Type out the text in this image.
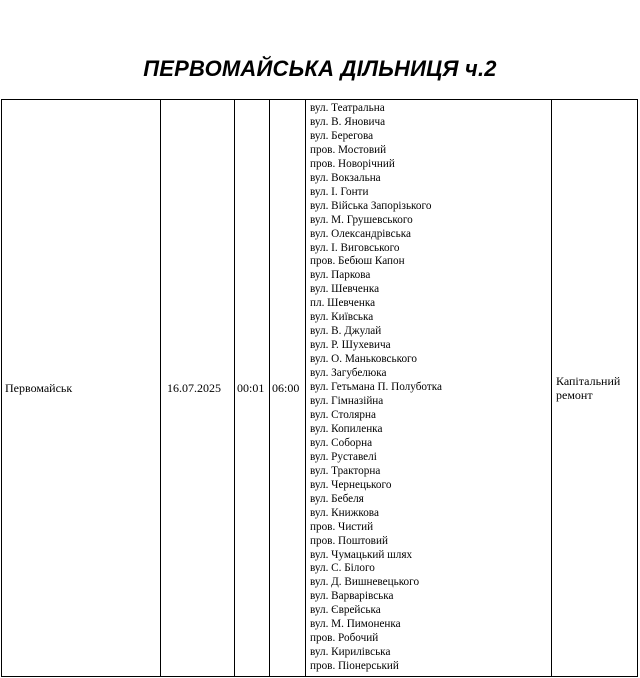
ПЕРВОМАЙСЬКА ДІЛЬНИЦЯ ч.2
Первомайськ	16.07.2025 00:01 06:00
вул. Театральна
вул. В. Яновича
вул. Берегова
пров. Мостовий
пров. Новорічний
вул. Вокзальна
вул. І. Гонти
вул. Війська Запорізького
вул. М. Грушевського
вул. Олександрівська
вул. І. Виговського
пров. Бебюш Капон
вул. Паркова
вул. Шевченка
пл. Шевченка
вул. Київська
вул. В. Джулай
вул. Р. Шухевича
вул. О. Маньковського
вул. Загубелюка
вул. Гетьмана П. Полуботка
вул. Гімназійна
вул. Столярна
вул. Копиленка
вул. Соборна
вул. Руставелі
вул. Тракторна
вул. Чернецького
вул. Бебеля
вул. Книжкова
пров. Чистий
пров. Поштовий
вул. Чумацький шлях
вул. С. Білого
вул. Д. Вишневецького
вул. Варварівська
вул. Єврейська
вул. М. Пимоненка
пров. Робочий
вул. Кирилівська
пров. Піонерський
Капітальний ремонт
